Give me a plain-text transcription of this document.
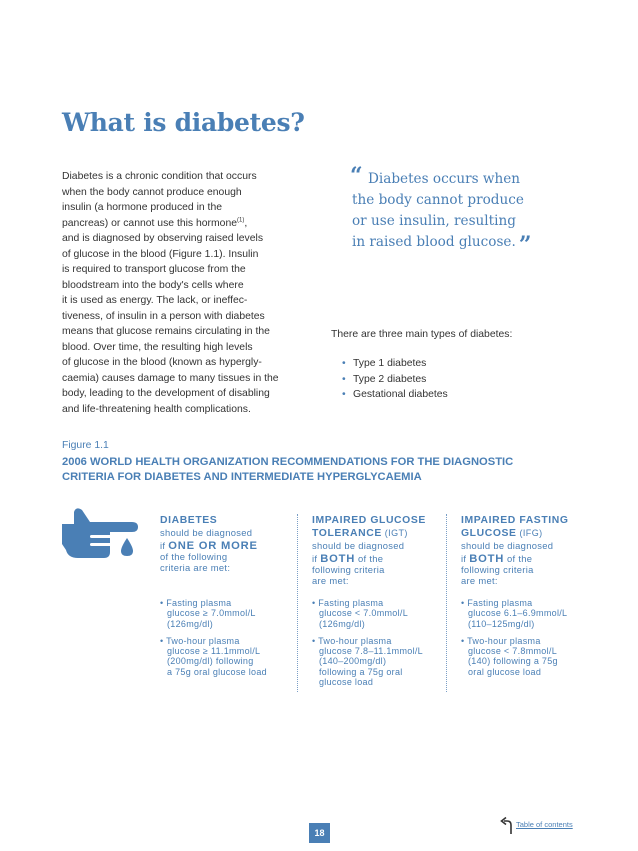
What is diabetes?
Diabetes is a chronic condition that occurs
when the body cannot produce enough
insulin (a hormone produced in the
pancreas) or cannot use this hormone$^{(1)}$,
and is diagnosed by observing raised levels
of glucose in the blood (Figure 1.1). Insulin
is required to transport glucose from the
bloodstream into the body's cells where
it is used as energy. The lack, or ineffec-
tiveness, of insulin in a person with diabetes
means that glucose remains circulating in the
blood. Over time, the resulting high levels
of glucose in the blood (known as hypergly-
caemia) causes damage to many tissues in the
body, leading to the development of disabling
and life-threatening health complications.
“ Diabetes occurs when
the body cannot produce
or use insulin, resulting
in raised blood glucose. ”
There are three main types of diabetes:
• Type 1 diabetes
• Type 2 diabetes
• Gestational diabetes
Figure 1.1
2006 WORLD HEALTH ORGANIZATION RECOMMENDATIONS FOR THE DIAGNOSTIC
CRITERIA FOR DIABETES AND INTERMEDIATE HYPERGLYCAEMIA
DIABETES
should be diagnosed
if ONE OR MORE
of the following
criteria are met:
• Fasting plasma
glucose ≥ 7.0mmol/L
(126mg/dl)
• Two-hour plasma
glucose ≥ 11.1mmol/L
(200mg/dl) following
a 75g oral glucose load
IMPAIRED GLUCOSE
TOLERANCE (IGT)
should be diagnosed
if BOTH of the
following criteria
are met:
• Fasting plasma
glucose < 7.0mmol/L
(126mg/dl)
• Two-hour plasma
glucose 7.8–11.1mmol/L
(140–200mg/dl)
following a 75g oral
glucose load
IMPAIRED FASTING
GLUCOSE (IFG)
should be diagnosed
if BOTH of the
following criteria
are met:
• Fasting plasma
glucose 6.1–6.9mmol/L
(110–125mg/dl)
• Two-hour plasma
glucose < 7.8mmol/L
(140) following a 75g
oral glucose load
18
Table of contents
